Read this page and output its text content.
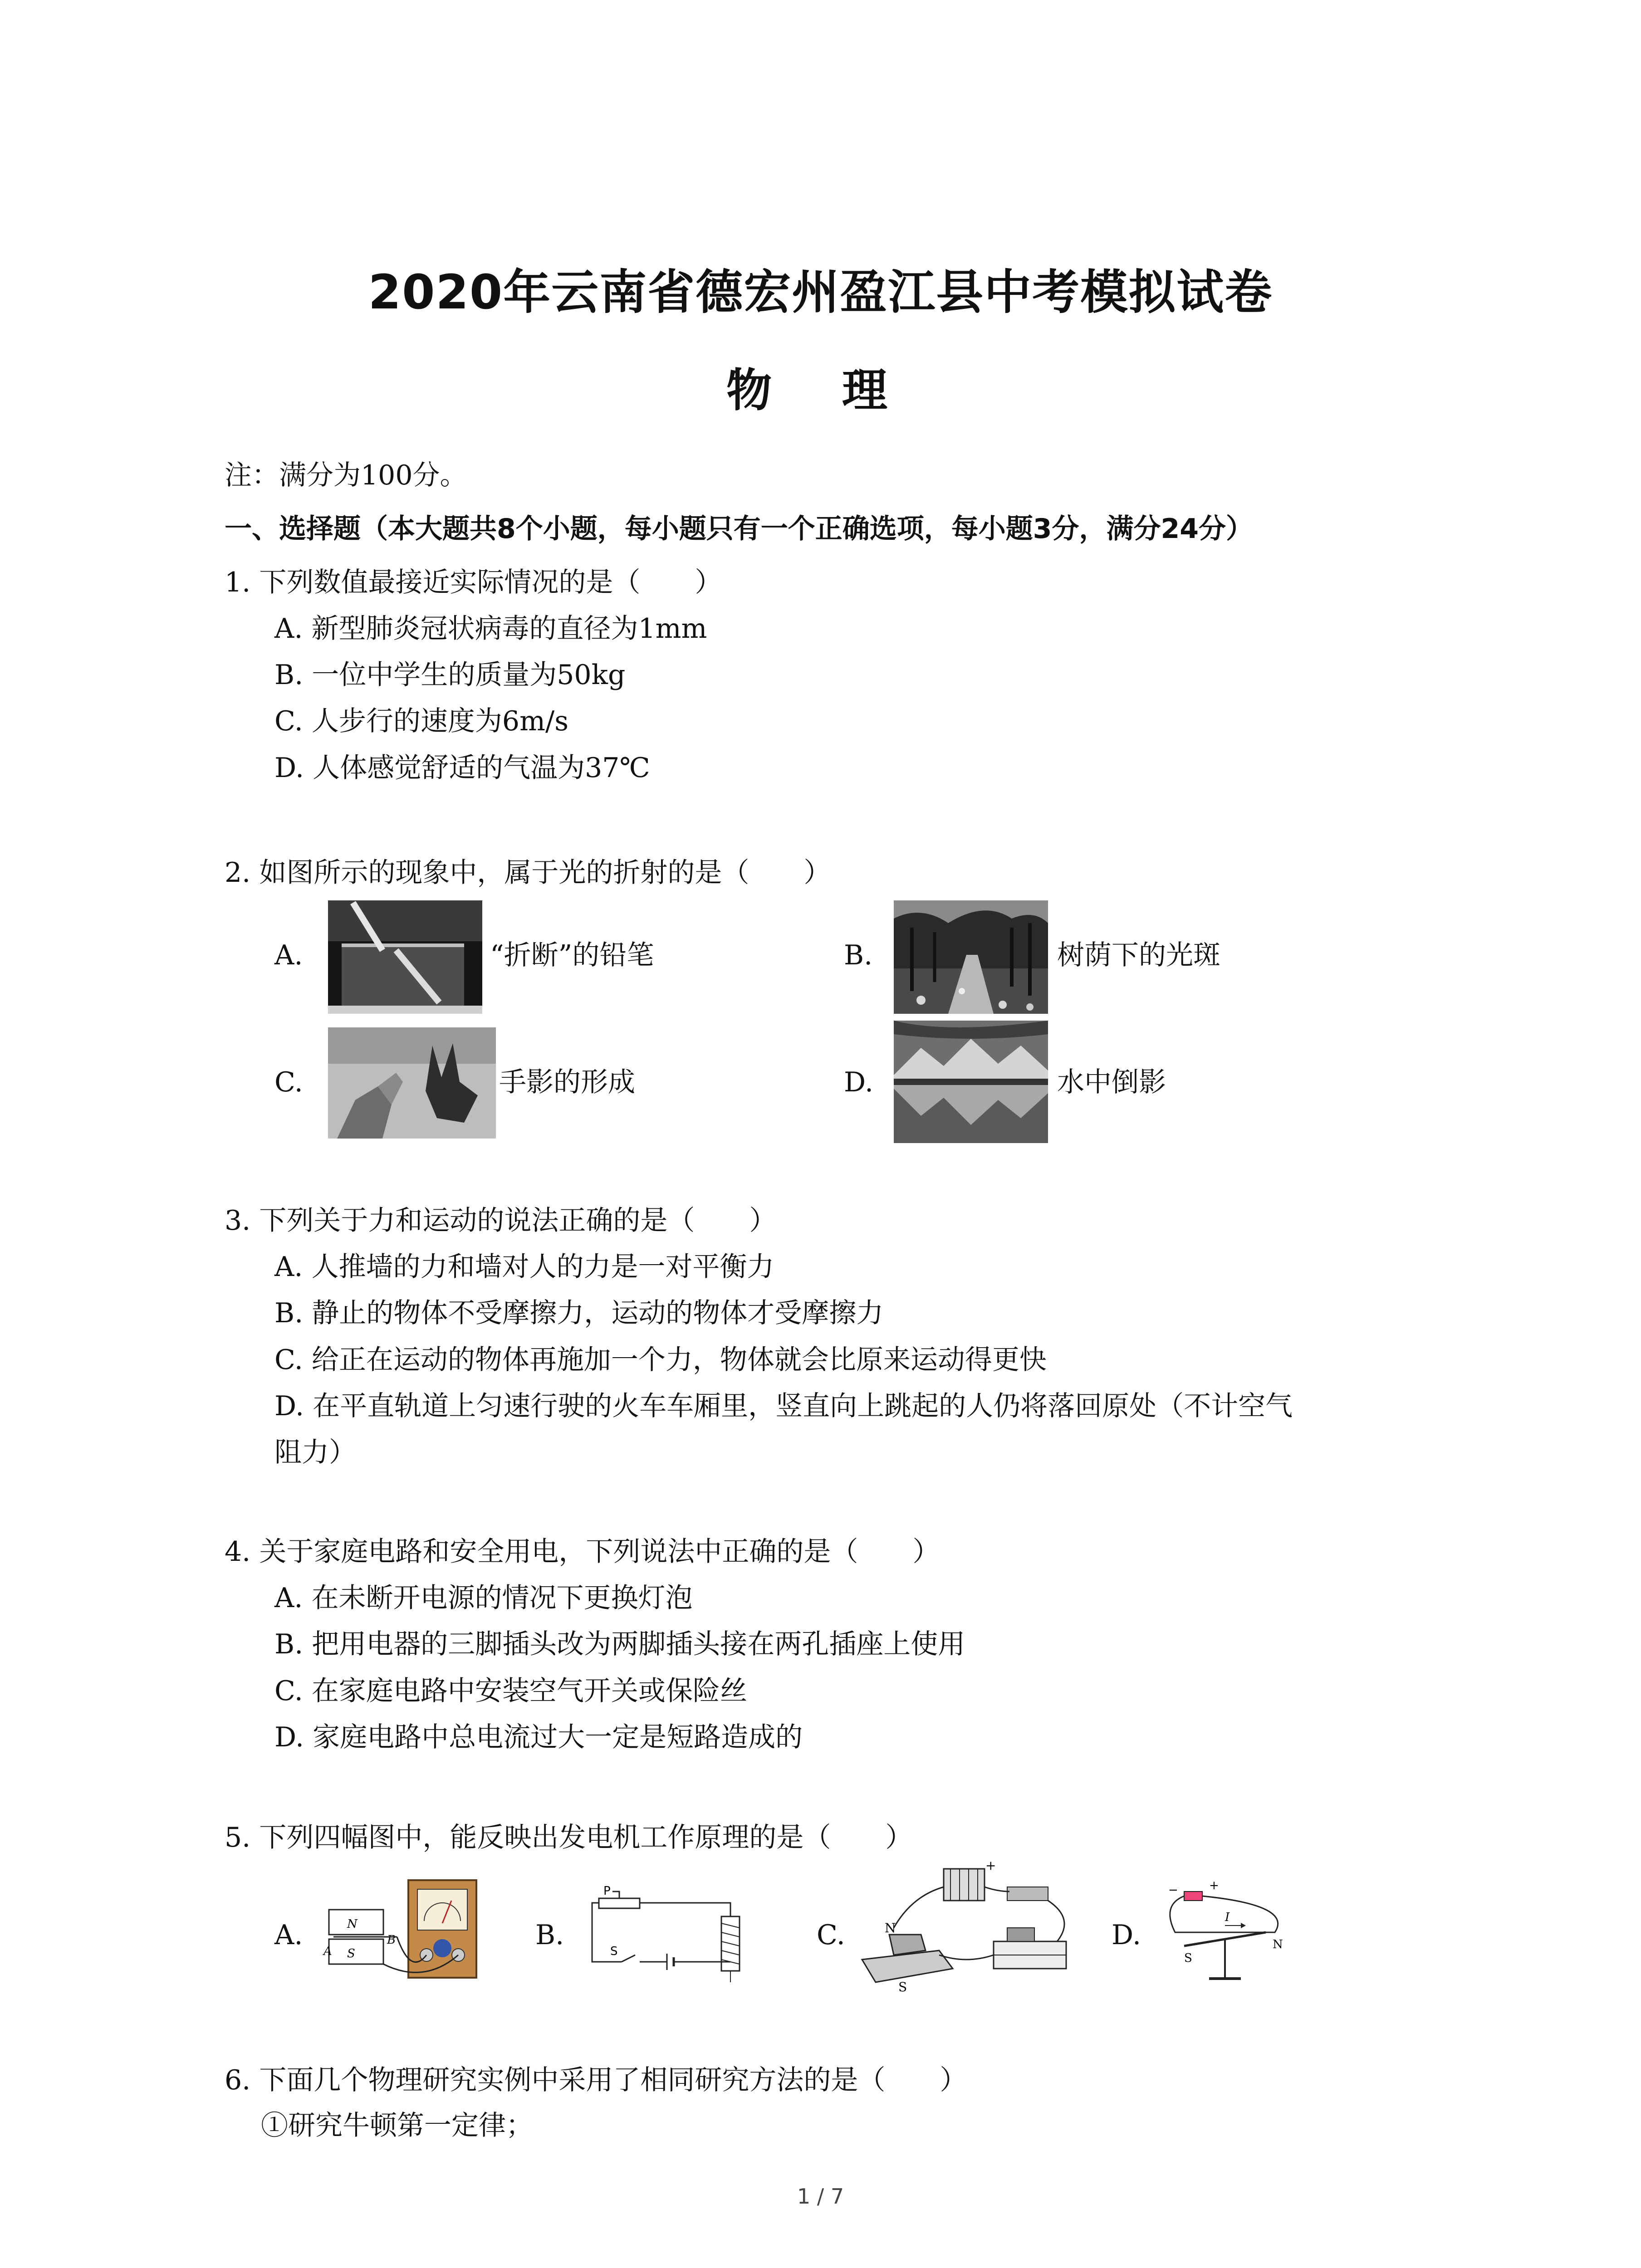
2020年云南省德宏州盈江县中考模拟试卷
物 理
注：满分为100分。
一、选择题（本大题共8个小题，每小题只有一个正确选项，每小题3分，满分24分）
1. 下列数值最接近实际情况的是（　　）
A. 新型肺炎冠状病毒的直径为1mm
B. 一位中学生的质量为50kg
C. 人步行的速度为6m/s
D. 人体感觉舒适的气温为37℃
2. 如图所示的现象中，属于光的折射的是（　　）
A.	“折断”的铅笔	B.	树荫下的光斑
C.	手影的形成	D.	水中倒影
3. 下列关于力和运动的说法正确的是（　　）
A. 人推墙的力和墙对人的力是一对平衡力
B. 静止的物体不受摩擦力，运动的物体才受摩擦力
C. 给正在运动的物体再施加一个力，物体就会比原来运动得更快
D. 在平直轨道上匀速行驶的火车车厢里，竖直向上跳起的人仍将落回原处（不计空气
阻力）
4. 关于家庭电路和安全用电，下列说法中正确的是（　　）
A. 在未断开电源的情况下更换灯泡
B. 把用电器的三脚插头改为两脚插头接在两孔插座上使用
C. 在家庭电路中安装空气开关或保险丝
D. 家庭电路中总电流过大一定是短路造成的
5. 下列四幅图中，能反映出发电机工作原理的是（　　）
A.	N
S
A
B	B.
P
S
C.
+
N
S
D.
+
−
I
S
N
6. 下面几个物理研究实例中采用了相同研究方法的是（　　）
①研究牛顿第一定律；
1 / 7
